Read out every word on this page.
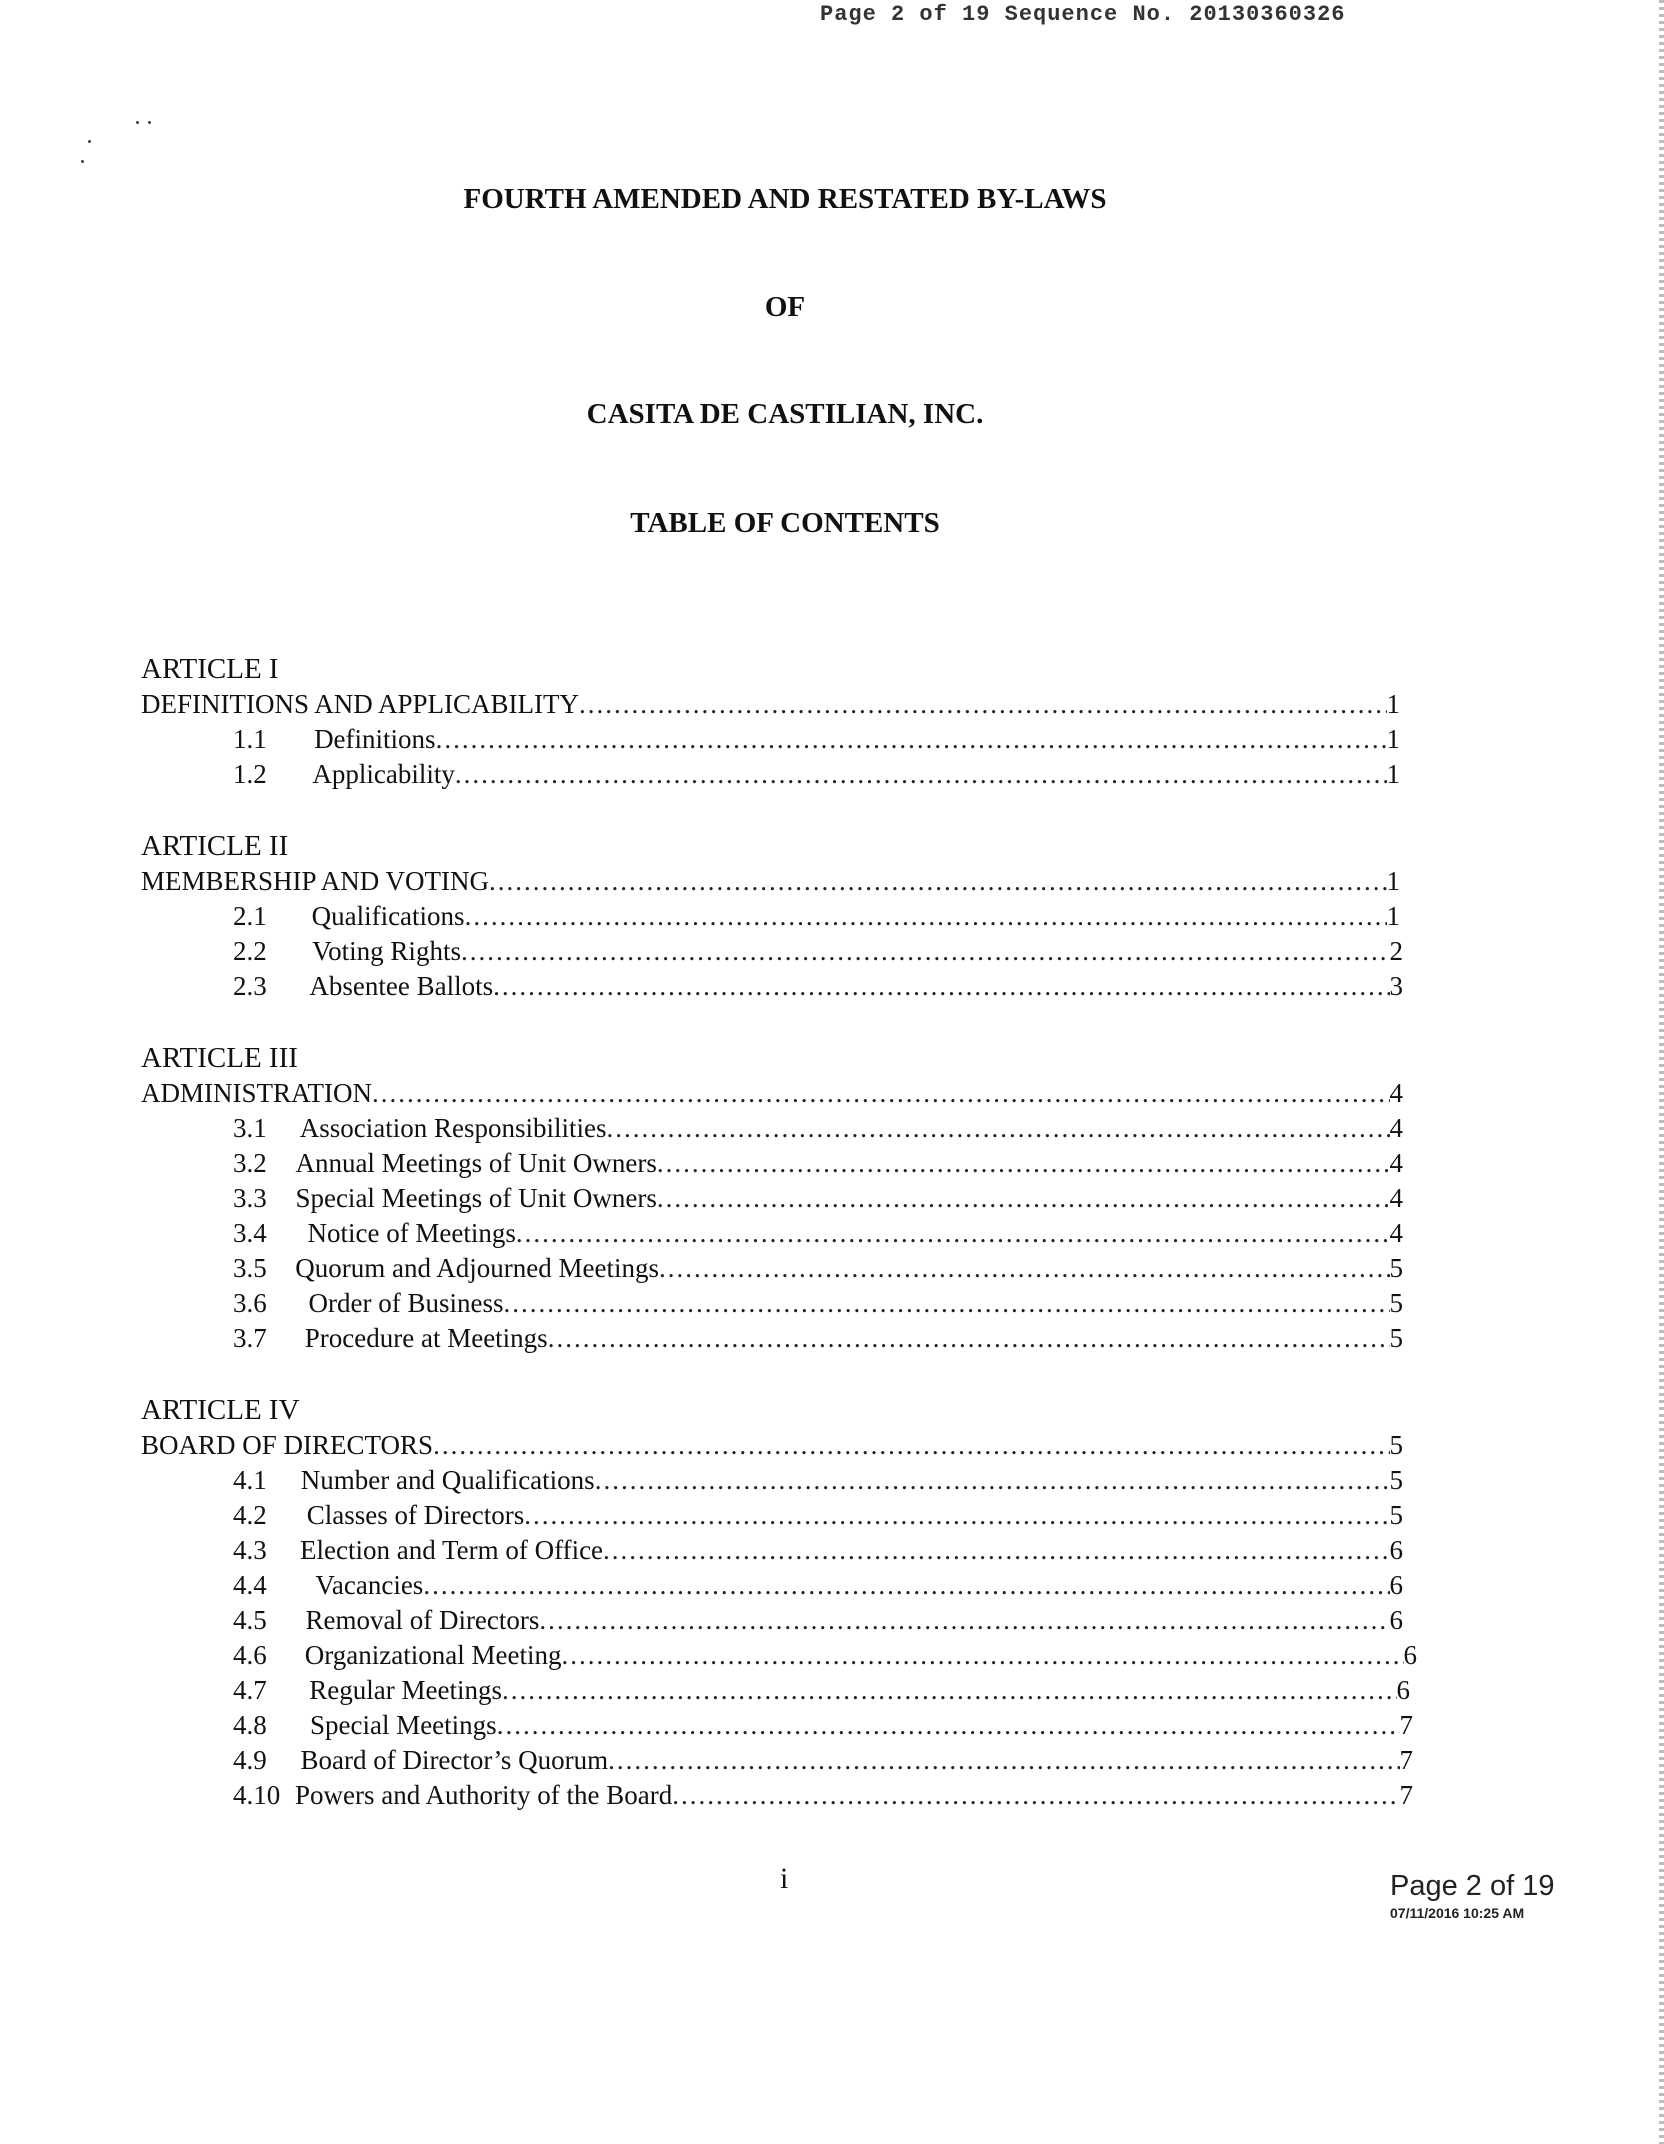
Page 2 of 19 Sequence No. 20130360326
FOURTH AMENDED AND RESTATED BY-LAWS
OF
CASITA DE CASTILIAN, INC.
TABLE OF CONTENTS
ARTICLE I
DEFINITIONS AND APPLICABILITY .....	1
1.1	Definitions .....	1
1.2	Applicability .....	1
ARTICLE II
MEMBERSHIP AND VOTING .....	1
2.1	Qualifications .....	1
2.2	Voting Rights .....	2
2.3	Absentee Ballots .....	3
ARTICLE III
ADMINISTRATION .....	4
3.1	Association Responsibilities .....	4
3.2	Annual Meetings of Unit Owners .....	4
3.3	Special Meetings of Unit Owners .....	4
3.4	Notice of Meetings .....	4
3.5	Quorum and Adjourned Meetings .....	5
3.6	Order of Business .....	5
3.7	Procedure at Meetings .....	5
ARTICLE IV
BOARD OF DIRECTORS .....	5
4.1	Number and Qualifications .....	5
4.2	Classes of Directors .....	5
4.3	Election and Term of Office .....	6
4.4	Vacancies .....	6
4.5	Removal of Directors .....	6
4.6	Organizational Meeting .....	6
4.7	Regular Meetings .....	6
4.8	Special Meetings .....	7
4.9	Board of Director’s Quorum .....	7
4.10 Powers and Authority of the Board .....	7
i	Page 2 of 19
07/11/2016 10:25 AM
